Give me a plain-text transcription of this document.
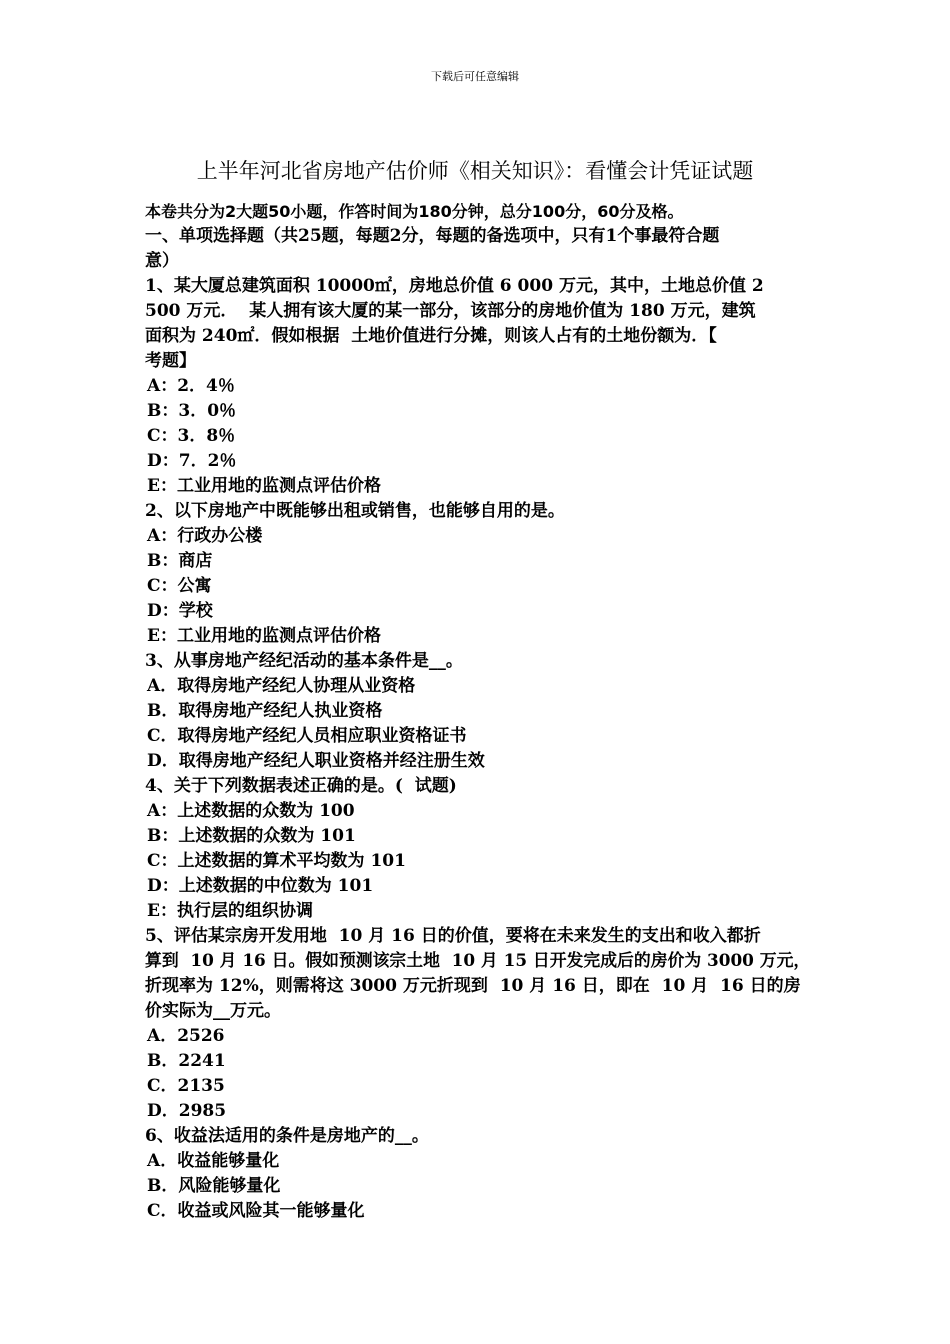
下载后可任意编辑
上半年河北省房地产估价师《相关知识》：看懂会计凭证试题
本卷共分为2大题50小题，作答时间为180分钟，总分100分，60分及格。
一、单项选择题（共25题，每题2分，每题的备选项中，只有1个事最符合题
意）
1、某大厦总建筑面积 10000㎡，房地总价值 6 000 万元，其中，土地总价值 2
500 万元．  某人拥有该大厦的某一部分，该部分的房地价值为 180 万元，建筑
面积为 240㎡．假如根据  土地价值进行分摊，则该人占有的土地份额为．【
考题】
A：2．4％
B：3．0％
C：3．8％
D：7．2％
E：工业用地的监测点评估价格
2、以下房地产中既能够出租或销售，也能够自用的是。
A：行政办公楼
B：商店
C：公寓
D：学校
E：工业用地的监测点评估价格
3、从事房地产经纪活动的基本条件是__。
A．取得房地产经纪人协理从业资格
B．取得房地产经纪人执业资格
C．取得房地产经纪人员相应职业资格证书
D．取得房地产经纪人职业资格并经注册生效
4、关于下列数据表述正确的是。(  试题)
A：上述数据的众数为 100
B：上述数据的众数为 101
C：上述数据的算术平均数为 101
D：上述数据的中位数为 101
E：执行层的组织协调
5、评估某宗房开发用地  10 月 16 日的价值，要将在未来发生的支出和收入都折
算到  10 月 16 日。假如预测该宗土地  10 月 15 日开发完成后的房价为 3000 万元，
折现率为 12%，则需将这 3000 万元折现到  10 月 16 日，即在  10 月  16 日的房
价实际为__万元。
A．2526
B．2241
C．2135
D．2985
6、收益法适用的条件是房地产的__。
A．收益能够量化
B．风险能够量化
C．收益或风险其一能够量化
